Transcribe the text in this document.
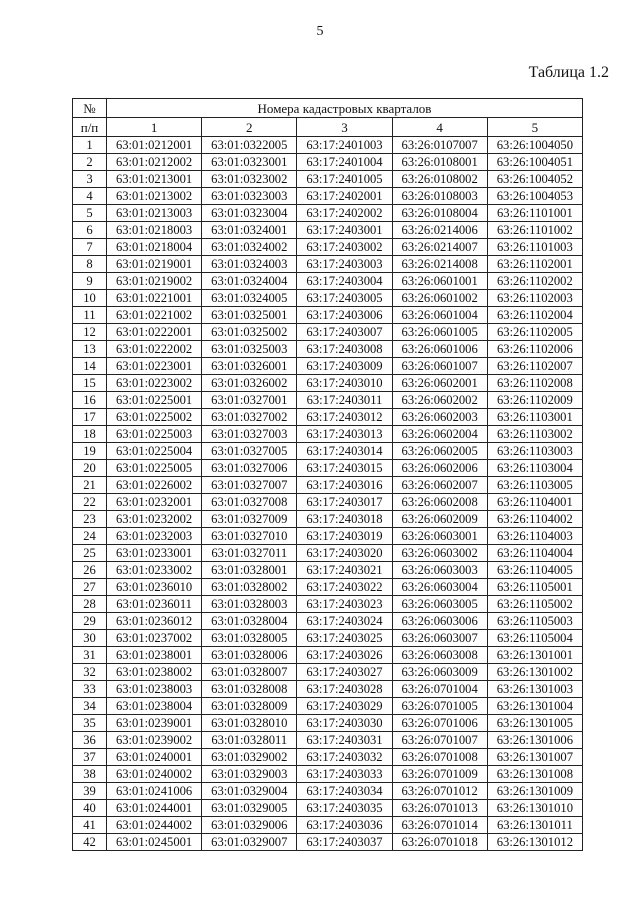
5
Таблица 1.2
№	Номера кадастровых кварталов				
п/п	1	2	3	4	5
1	63:01:0212001	63:01:0322005	63:17:2401003	63:26:0107007	63:26:1004050
2	63:01:0212002	63:01:0323001	63:17:2401004	63:26:0108001	63:26:1004051
3	63:01:0213001	63:01:0323002	63:17:2401005	63:26:0108002	63:26:1004052
4	63:01:0213002	63:01:0323003	63:17:2402001	63:26:0108003	63:26:1004053
5	63:01:0213003	63:01:0323004	63:17:2402002	63:26:0108004	63:26:1101001
6	63:01:0218003	63:01:0324001	63:17:2403001	63:26:0214006	63:26:1101002
7	63:01:0218004	63:01:0324002	63:17:2403002	63:26:0214007	63:26:1101003
8	63:01:0219001	63:01:0324003	63:17:2403003	63:26:0214008	63:26:1102001
9	63:01:0219002	63:01:0324004	63:17:2403004	63:26:0601001	63:26:1102002
10	63:01:0221001	63:01:0324005	63:17:2403005	63:26:0601002	63:26:1102003
11	63:01:0221002	63:01:0325001	63:17:2403006	63:26:0601004	63:26:1102004
12	63:01:0222001	63:01:0325002	63:17:2403007	63:26:0601005	63:26:1102005
13	63:01:0222002	63:01:0325003	63:17:2403008	63:26:0601006	63:26:1102006
14	63:01:0223001	63:01:0326001	63:17:2403009	63:26:0601007	63:26:1102007
15	63:01:0223002	63:01:0326002	63:17:2403010	63:26:0602001	63:26:1102008
16	63:01:0225001	63:01:0327001	63:17:2403011	63:26:0602002	63:26:1102009
17	63:01:0225002	63:01:0327002	63:17:2403012	63:26:0602003	63:26:1103001
18	63:01:0225003	63:01:0327003	63:17:2403013	63:26:0602004	63:26:1103002
19	63:01:0225004	63:01:0327005	63:17:2403014	63:26:0602005	63:26:1103003
20	63:01:0225005	63:01:0327006	63:17:2403015	63:26:0602006	63:26:1103004
21	63:01:0226002	63:01:0327007	63:17:2403016	63:26:0602007	63:26:1103005
22	63:01:0232001	63:01:0327008	63:17:2403017	63:26:0602008	63:26:1104001
23	63:01:0232002	63:01:0327009	63:17:2403018	63:26:0602009	63:26:1104002
24	63:01:0232003	63:01:0327010	63:17:2403019	63:26:0603001	63:26:1104003
25	63:01:0233001	63:01:0327011	63:17:2403020	63:26:0603002	63:26:1104004
26	63:01:0233002	63:01:0328001	63:17:2403021	63:26:0603003	63:26:1104005
27	63:01:0236010	63:01:0328002	63:17:2403022	63:26:0603004	63:26:1105001
28	63:01:0236011	63:01:0328003	63:17:2403023	63:26:0603005	63:26:1105002
29	63:01:0236012	63:01:0328004	63:17:2403024	63:26:0603006	63:26:1105003
30	63:01:0237002	63:01:0328005	63:17:2403025	63:26:0603007	63:26:1105004
31	63:01:0238001	63:01:0328006	63:17:2403026	63:26:0603008	63:26:1301001
32	63:01:0238002	63:01:0328007	63:17:2403027	63:26:0603009	63:26:1301002
33	63:01:0238003	63:01:0328008	63:17:2403028	63:26:0701004	63:26:1301003
34	63:01:0238004	63:01:0328009	63:17:2403029	63:26:0701005	63:26:1301004
35	63:01:0239001	63:01:0328010	63:17:2403030	63:26:0701006	63:26:1301005
36	63:01:0239002	63:01:0328011	63:17:2403031	63:26:0701007	63:26:1301006
37	63:01:0240001	63:01:0329002	63:17:2403032	63:26:0701008	63:26:1301007
38	63:01:0240002	63:01:0329003	63:17:2403033	63:26:0701009	63:26:1301008
39	63:01:0241006	63:01:0329004	63:17:2403034	63:26:0701012	63:26:1301009
40	63:01:0244001	63:01:0329005	63:17:2403035	63:26:0701013	63:26:1301010
41	63:01:0244002	63:01:0329006	63:17:2403036	63:26:0701014	63:26:1301011
42	63:01:0245001	63:01:0329007	63:17:2403037	63:26:0701018	63:26:1301012
